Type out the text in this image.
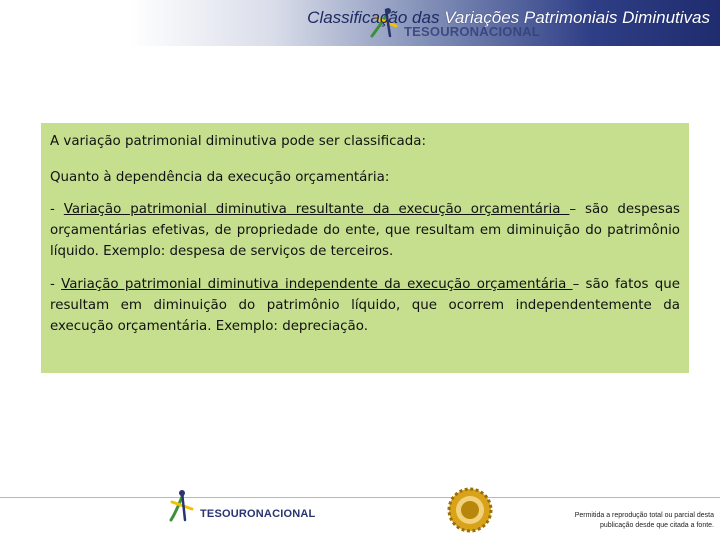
TESOURONACIONAL
Classificação das Variações Patrimoniais Diminutivas

A variação patrimonial diminutiva pode ser classificada:

Quanto à dependência da execução orçamentária:

- Variação patrimonial diminutiva resultante da execução orçamentária – são despesas orçamentárias efetivas, de propriedade do ente, que resultam em diminuição do patrimônio líquido. Exemplo: despesa de serviços de terceiros.

- Variação patrimonial diminutiva independente da execução orçamentária – são fatos que resultam em diminuição do patrimônio líquido, que ocorrem independentemente da execução orçamentária. Exemplo: depreciação.

TESOURONACIONAL	Permitida a reprodução total ou parcial desta
publicação desde que citada a fonte.
